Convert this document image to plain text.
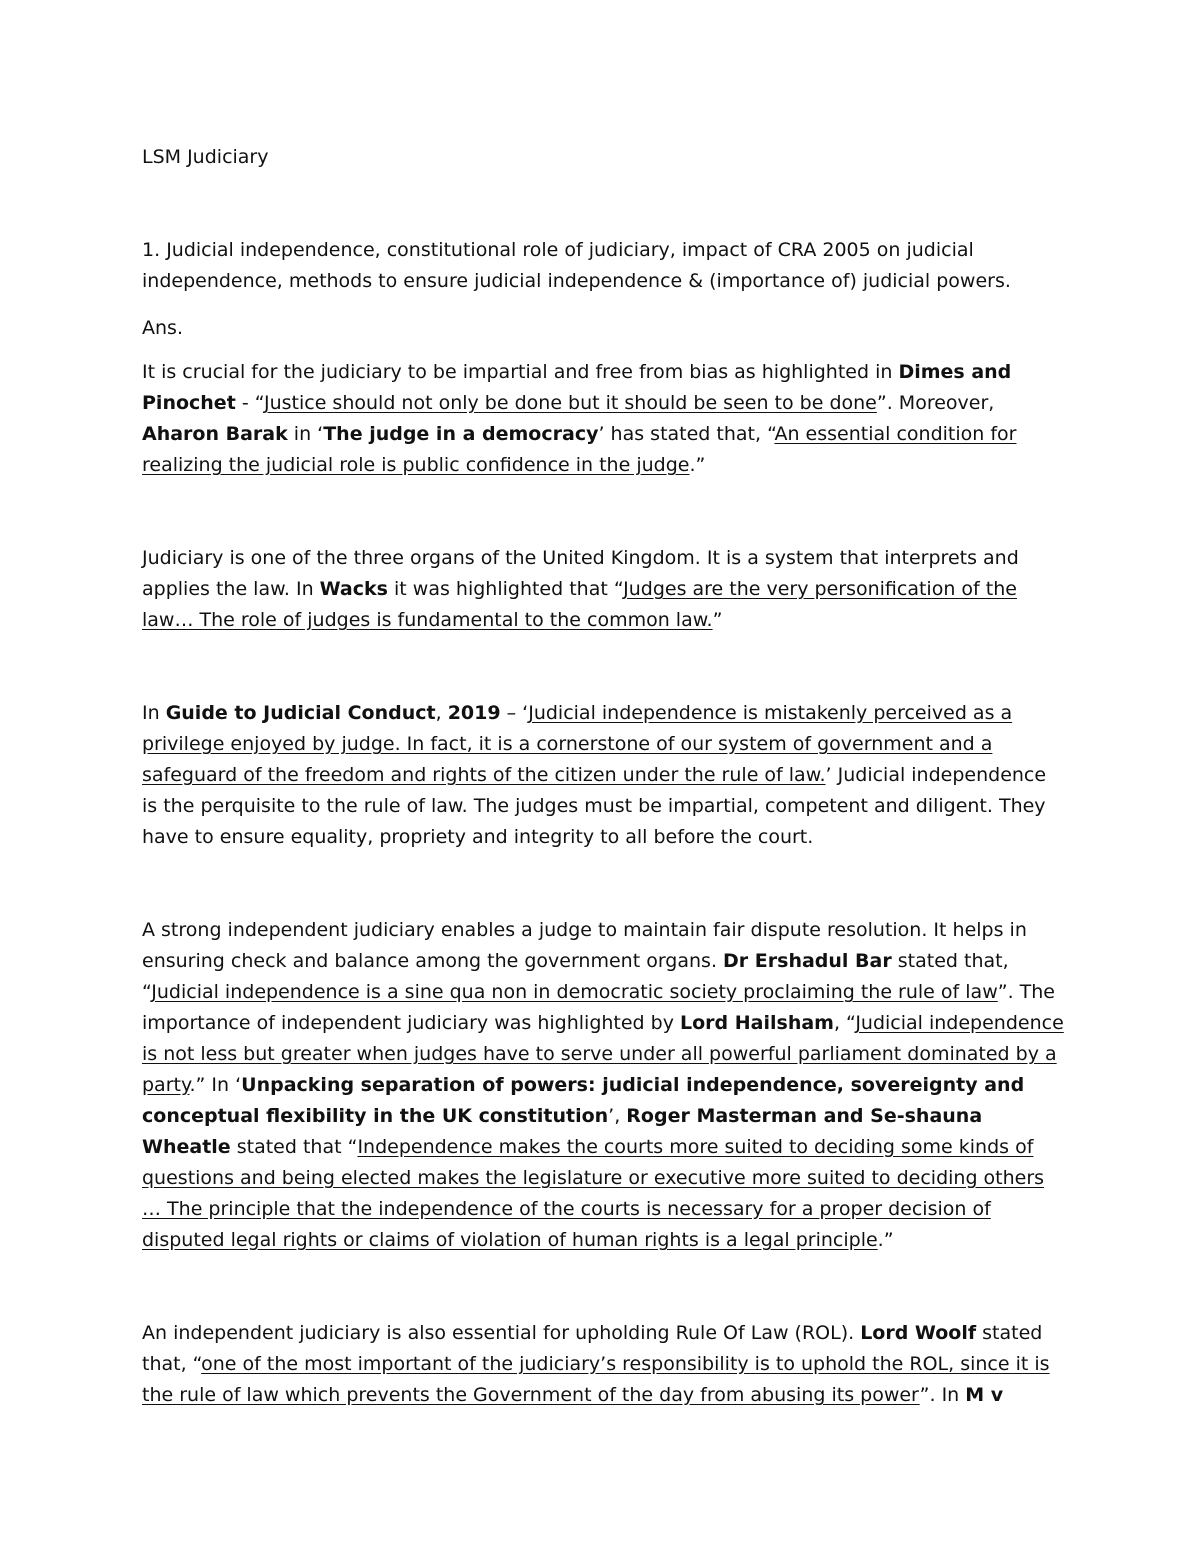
LSM Judiciary

1. Judicial independence, constitutional role of judiciary, impact of CRA 2005 on judicial independence, methods to ensure judicial independence & (importance of) judicial powers.

Ans.

It is crucial for the judiciary to be impartial and free from bias as highlighted in Dimes and Pinochet - “Justice should not only be done but it should be seen to be done”. Moreover, Aharon Barak in ‘The judge in a democracy’ has stated that, “An essential condition for realizing the judicial role is public confidence in the judge.”

Judiciary is one of the three organs of the United Kingdom. It is a system that interprets and applies the law. In Wacks it was highlighted that “Judges are the very personification of the law… The role of judges is fundamental to the common law.”

In Guide to Judicial Conduct, 2019 – ‘Judicial independence is mistakenly perceived as a privilege enjoyed by judge. In fact, it is a cornerstone of our system of government and a safeguard of the freedom and rights of the citizen under the rule of law.’ Judicial independence is the perquisite to the rule of law. The judges must be impartial, competent and diligent. They have to ensure equality, propriety and integrity to all before the court.

A strong independent judiciary enables a judge to maintain fair dispute resolution. It helps in ensuring check and balance among the government organs. Dr Ershadul Bar stated that, “Judicial independence is a sine qua non in democratic society proclaiming the rule of law”. The importance of independent judiciary was highlighted by Lord Hailsham, “Judicial independence is not less but greater when judges have to serve under all powerful parliament dominated by a party.” In ‘Unpacking separation of powers: judicial independence, sovereignty and conceptual flexibility in the UK constitution’, Roger Masterman and Se-shauna Wheatle stated that “Independence makes the courts more suited to deciding some kinds of questions and being elected makes the legislature or executive more suited to deciding others … The principle that the independence of the courts is necessary for a proper decision of disputed legal rights or claims of violation of human rights is a legal principle.”

An independent judiciary is also essential for upholding Rule Of Law (ROL). Lord Woolf stated that, “one of the most important of the judiciary’s responsibility is to uphold the ROL, since it is the rule of law which prevents the Government of the day from abusing its power”. In M v
